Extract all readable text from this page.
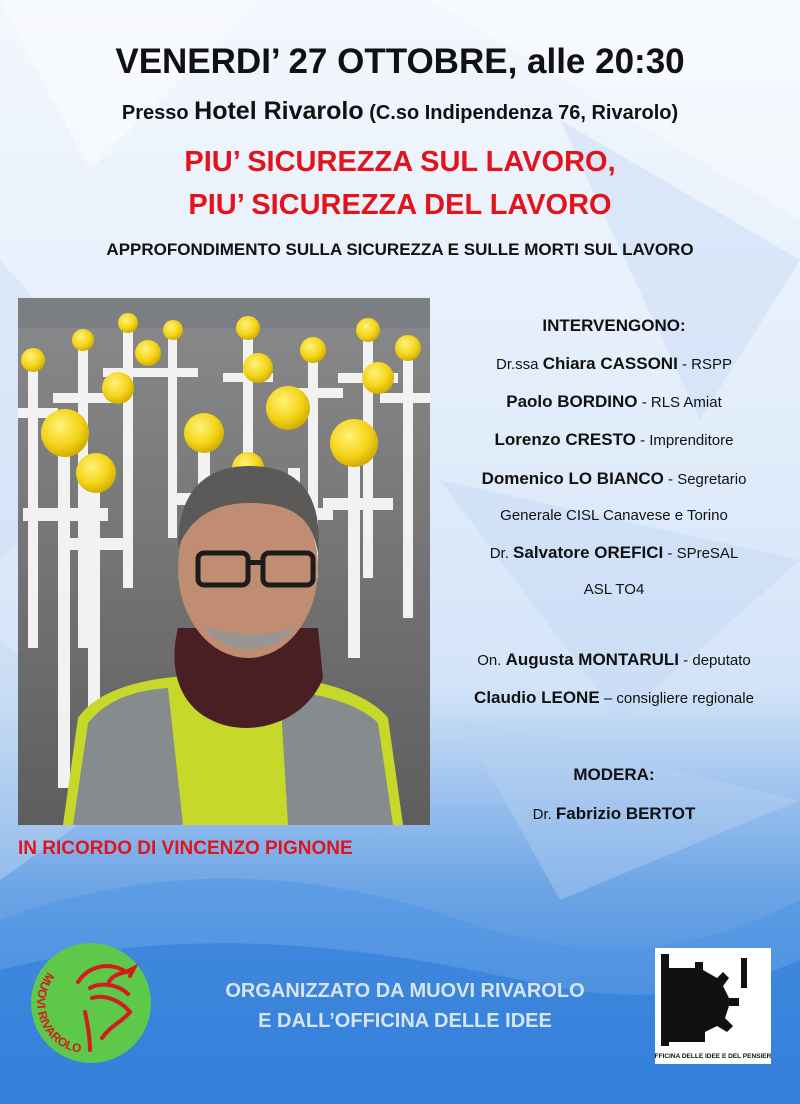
VENERDI’ 27 OTTOBRE, alle 20:30
Presso Hotel Rivarolo (C.so Indipendenza 76, Rivarolo)
PIU’ SICUREZZA SUL LAVORO,
PIU’ SICUREZZA DEL LAVORO
APPROFONDIMENTO SULLA SICUREZZA E SULLE MORTI SUL LAVORO
IN RICORDO DI VINCENZO PIGNONE
INTERVENGONO:
Dr.ssa Chiara CASSONI - RSPP
Paolo BORDINO - RLS Amiat
Lorenzo CRESTO - Imprenditore
Domenico LO BIANCO - Segretario
Generale CISL Canavese e Torino
Dr. Salvatore OREFICI - SPreSAL
ASL TO4
On. Augusta MONTARULI - deputato
Claudio LEONE – consigliere regionale
MODERA:
Dr. Fabrizio BERTOT
ORGANIZZATO DA MUOVI RIVAROLO
E DALL’OFFICINA DELLE IDEE
MUOVI RIVAROLO
OFFICINA DELLE IDEE E DEL PENSIERO
